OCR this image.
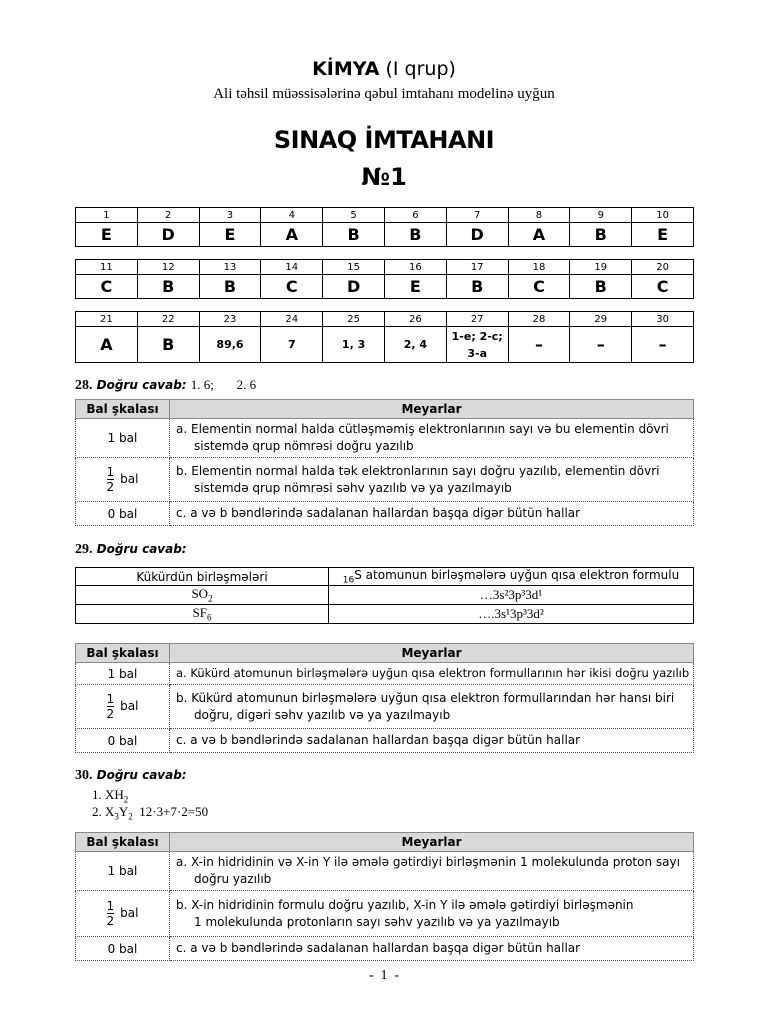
KİMYA (I qrup)
Ali təhsil müəssisələrinə qəbul imtahanı modelinə uyğun
SINAQ İMTAHANI
№1
1	2	3	4	5	6	7	8	9	10
E	D	E	A	B	B	D	A	B	E
11	12	13	14	15	16	17	18	19	20
C	B	B	C	D	E	B	C	B	C
21	22	23	24	25	26	27	28	29	30
A	B	89,6	7	1, 3	2, 4	1-e; 2-c; 3-a	–	–	–
28. Doğru cavab: 1. 6;       2. 6
Bal şkalası	Meyarlar
1 bal	a. Elementin normal halda cütləşməmiş elektronlarının sayı və bu elementin dövri
sistemdə qrup nömrəsi doğru yazılıb

$\frac{1}{2}$ bal	b. Elementin normal halda tək elektronlarının sayı doğru yazılıb, elementin dövri
sistemdə qrup nömrəsi səhv yazılıb və ya yazılmayıb

0 bal	c. a və b bəndlərində sadalanan hallardan başqa digər bütün hallar
29. Doğru cavab:
Kükürdün birləşmələri	$_{16}$S atomunun birləşmələrə uyğun qısa elektron formulu
$SO_2$	…3s²3p³3d¹
$SF_6$	….3s¹3p³3d²
Bal şkalası	Meyarlar
1 bal	a. Kükürd atomunun birləşmələrə uyğun qısa elektron formullarının hər ikisi doğru yazılıb

$\frac{1}{2}$ bal	b. Kükürd atomunun birləşmələrə uyğun qısa elektron formullarından hər hansı biri
doğru, digəri səhv yazılıb və ya yazılmayıb

0 bal	c. a və b bəndlərində sadalanan hallardan başqa digər bütün hallar
30. Doğru cavab:
1. $XH_2$
2. $X_3Y_2$ 12·3+7·2=50
Bal şkalası	Meyarlar
1 bal	a. X-in hidridinin və X-in Y ilə əmələ gətirdiyi birləşmənin 1 molekulunda proton sayı
doğru yazılıb

$\frac{1}{2}$ bal	b. X-in hidridinin formulu doğru yazılıb, X-in Y ilə əmələ gətirdiyi birləşmənin
1 molekulunda protonların sayı səhv yazılıb və ya yazılmayıb

0 bal	c. a və b bəndlərində sadalanan hallardan başqa digər bütün hallar
-  1  -
